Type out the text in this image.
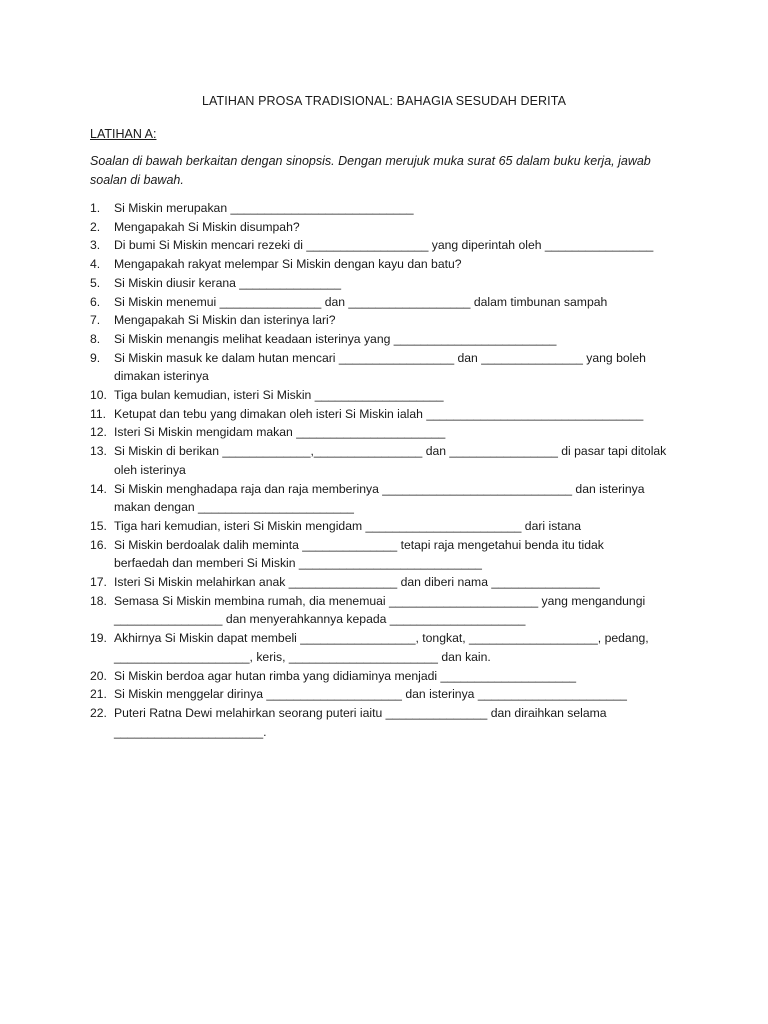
LATIHAN PROSA TRADISIONAL: BAHAGIA SESUDAH DERITA
LATIHAN A:
Soalan di bawah berkaitan dengan sinopsis. Dengan merujuk muka surat 65 dalam buku kerja, jawab
soalan di bawah.
1.	Si Miskin merupakan ___________________________
2.	Mengapakah Si Miskin disumpah?
3.	Di bumi Si Miskin mencari rezeki di __________________ yang diperintah oleh ________________
4.	Mengapakah rakyat melempar Si Miskin dengan kayu dan batu?
5.	Si Miskin diusir kerana _______________
6.	Si Miskin menemui _______________ dan __________________ dalam timbunan sampah
7.	Mengapakah Si Miskin dan isterinya lari?
8.	Si Miskin menangis melihat keadaan isterinya yang ________________________
9.	Si Miskin masuk ke dalam hutan mencari _________________ dan _______________ yang boleh
dimakan isterinya
10. Tiga bulan kemudian, isteri Si Miskin ___________________
11. Ketupat dan tebu yang dimakan oleh isteri Si Miskin ialah ________________________________
12. Isteri Si Miskin mengidam makan ______________________
13. Si Miskin di berikan _____________,________________ dan ________________ di pasar tapi ditolak
oleh isterinya
14. Si Miskin menghadapa raja dan raja memberinya ____________________________ dan isterinya
makan dengan _______________________
15. Tiga hari kemudian, isteri Si Miskin mengidam _______________________ dari istana
16. Si Miskin berdoalak dalih meminta ______________ tetapi raja mengetahui benda itu tidak
berfaedah dan memberi Si Miskin ___________________________
17. Isteri Si Miskin melahirkan anak ________________ dan diberi nama ________________
18. Semasa Si Miskin membina rumah, dia menemuai ______________________ yang mengandungi
________________ dan menyerahkannya kepada ____________________
19. Akhirnya Si Miskin dapat membeli _________________, tongkat, ___________________, pedang,
____________________, keris, ______________________ dan kain.
20. Si Miskin berdoa agar hutan rimba yang didiaminya menjadi ____________________
21. Si Miskin menggelar dirinya ____________________ dan isterinya ______________________
22. Puteri Ratna Dewi melahirkan seorang puteri iaitu _______________ dan diraihkan selama
______________________.
